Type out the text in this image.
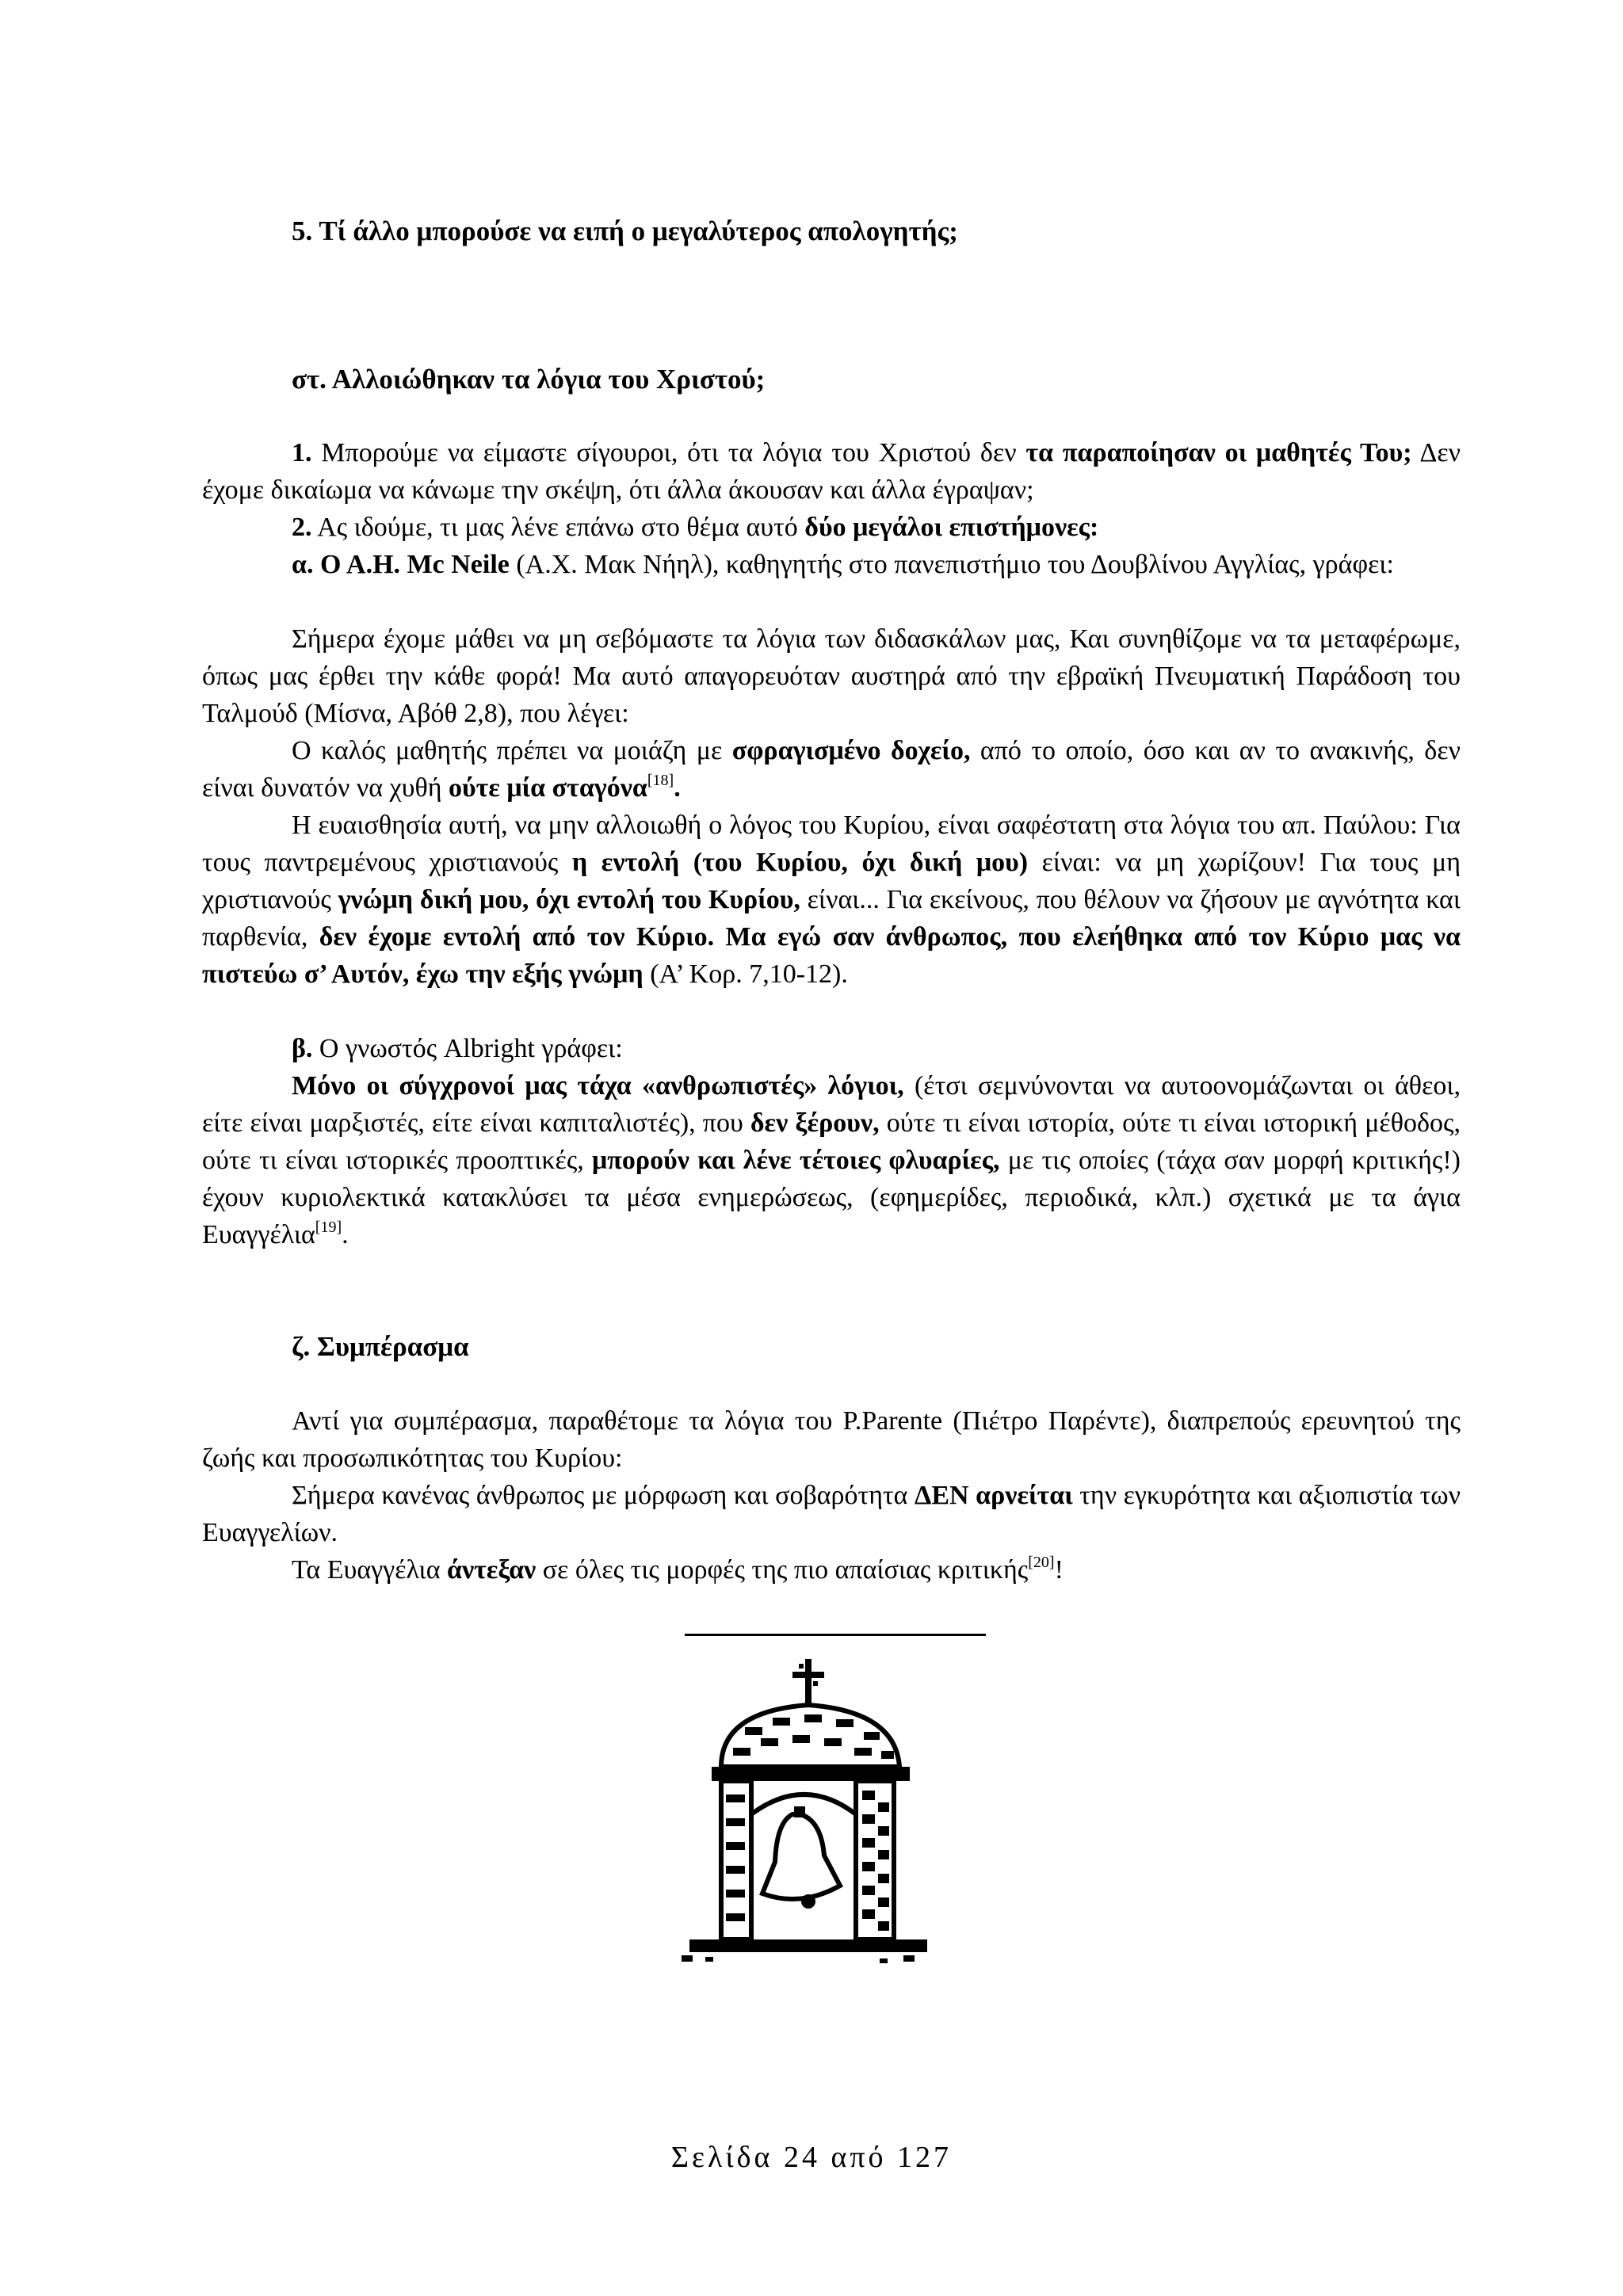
5. Τί άλλο μπορούσε να ειπή ο μεγαλύτερος απολογητής;
στ. Αλλοιώθηκαν τα λόγια του Χριστού;

1. Μπορούμε να είμαστε σίγουροι, ότι τα λόγια του Χριστού δεν τα παραποίησαν οι μαθητές Του; Δεν έχομε δικαίωμα να κάνωμε την σκέψη, ότι άλλα άκουσαν και άλλα έγραψαν;

2. Ας ιδούμε, τι μας λένε επάνω στο θέμα αυτό δύο μεγάλοι επιστήμονες:

α. Ο Α.Η. Mc Neile (Α.Χ. Μακ Νήηλ), καθηγητής στο πανεπιστήμιο του Δουβλίνου Αγγλίας, γράφει:

Σήμερα έχομε μάθει να μη σεβόμαστε τα λόγια των διδασκάλων μας, Και συνηθίζομε να τα μεταφέρωμε, όπως μας έρθει την κάθε φορά! Μα αυτό απαγορευόταν αυστηρά από την εβραϊκή Πνευματική Παράδοση του Ταλμούδ (Μίσνα, Αβόθ 2,8), που λέγει:

Ο καλός μαθητής πρέπει να μοιάζη με σφραγισμένο δοχείο, από το οποίο, όσο και αν το ανακινής, δεν είναι δυνατόν να χυθή ούτε μία σταγόνα[18].

Η ευαισθησία αυτή, να μην αλλοιωθή ο λόγος του Κυρίου, είναι σαφέστατη στα λόγια του απ. Παύλου: Για τους παντρεμένους χριστιανούς η εντολή (του Κυρίου, όχι δική μου) είναι: να μη χωρίζουν! Για τους μη χριστιανούς γνώμη δική μου, όχι εντολή του Κυρίου, είναι... Για εκείνους, που θέλουν να ζήσουν με αγνότητα και παρθενία, δεν έχομε εντολή από τον Κύριο. Μα εγώ σαν άνθρωπος, που ελεήθηκα από τον Κύριο μας να πιστεύω σ’ Αυτόν, έχω την εξής γνώμη (Α’ Κορ. 7,10-12).

β. Ο γνωστός Albright γράφει:

Μόνο οι σύγχρονοί μας τάχα «ανθρωπιστές» λόγιοι, (έτσι σεμνύνονται να αυτοονομάζωνται οι άθεοι, είτε είναι μαρξιστές, είτε είναι καπιταλιστές), που δεν ξέρουν, ούτε τι είναι ιστορία, ούτε τι είναι ιστορική μέθοδος, ούτε τι είναι ιστορικές προοπτικές, μπορούν και λένε τέτοιες φλυαρίες, με τις οποίες (τάχα σαν μορφή κριτικής!) έχουν κυριολεκτικά κατακλύσει τα μέσα ενημερώσεως, (εφημερίδες, περιοδικά, κλπ.) σχετικά με τα άγια Ευαγγέλια[19].

ζ. Συμπέρασμα

Αντί για συμπέρασμα, παραθέτομε τα λόγια του P.Parente (Πιέτρο Παρέντε), διαπρεπούς ερευνητού της ζωής και προσωπικότητας του Κυρίου:

Σήμερα κανένας άνθρωπος με μόρφωση και σοβαρότητα ΔΕΝ αρνείται την εγκυρότητα και αξιοπιστία των Ευαγγελίων.

Τα Ευαγγέλια άντεξαν σε όλες τις μορφές της πιο απαίσιας κριτικής[20]!

Σελίδα 24 από 127
